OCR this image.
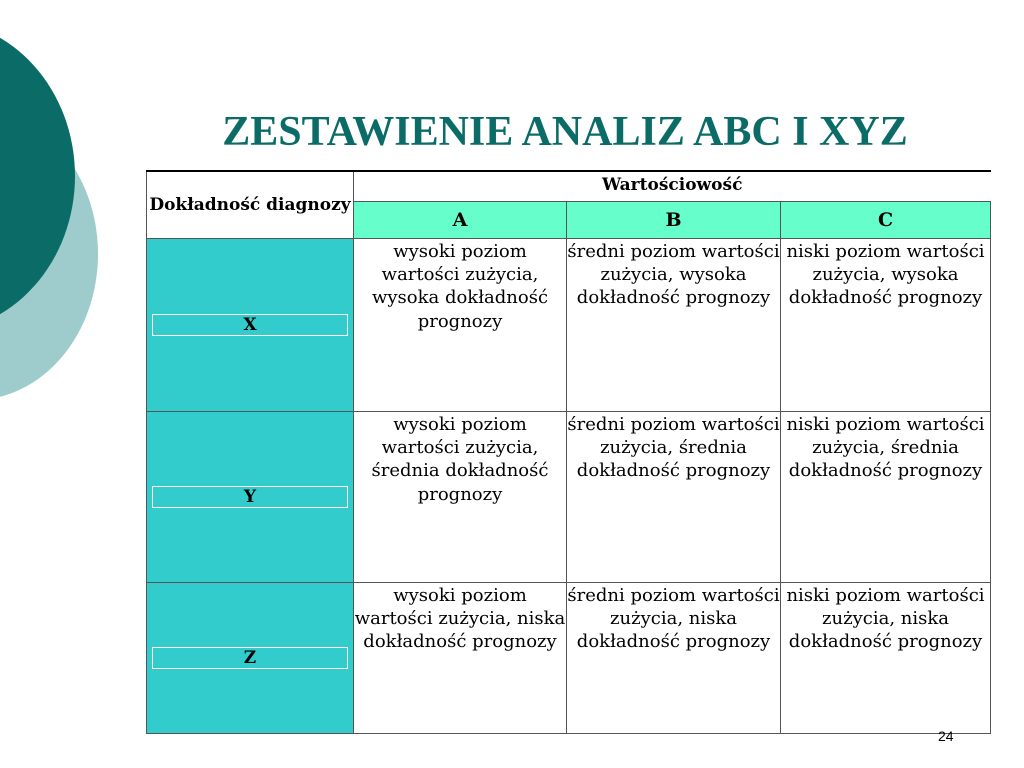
ZESTAWIENIE ANALIZ ABC I XYZ
Dokładność diagnozy	Wartościowość		
	A	B	C

X	wysoki poziom wartości zużycia, wysoka dokładność prognozy	średni poziom wartości zużycia, wysoka dokładność prognozy	niski poziom wartości zużycia, wysoka dokładność prognozy

Y	wysoki poziom wartości zużycia, średnia dokładność prognozy	średni poziom wartości zużycia, średnia dokładność prognozy	niski poziom wartości zużycia, średnia dokładność prognozy

Z	wysoki poziom wartości zużycia, niska dokładność prognozy	średni poziom wartości zużycia, niska dokładność prognozy	niski poziom wartości zużycia, niska dokładność prognozy
24
